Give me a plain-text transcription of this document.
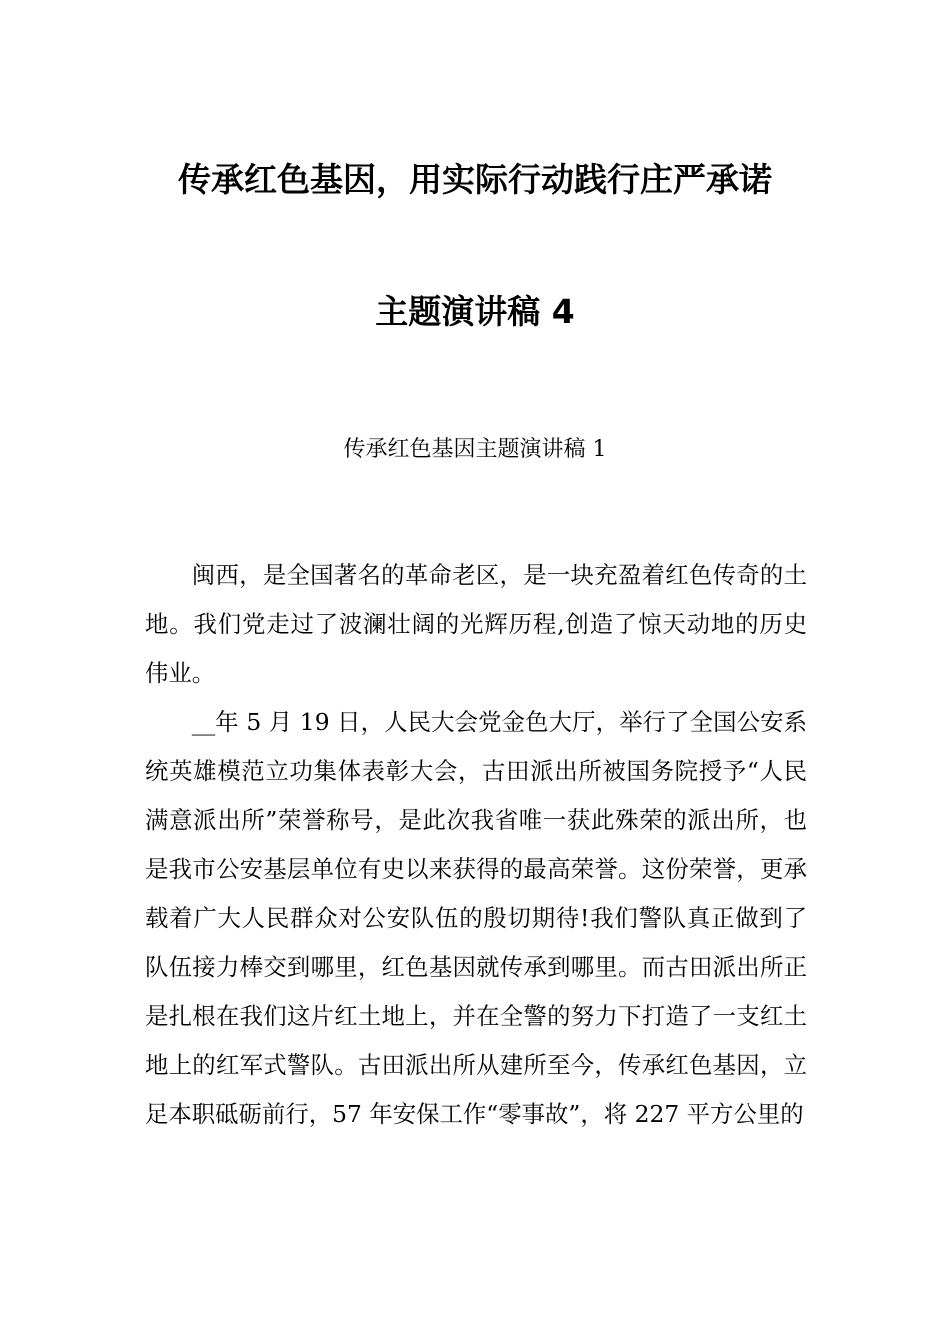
传承红色基因，用实际行动践行庄严承诺
主题演讲稿 4
传承红色基因主题演讲稿 1

闽西，是全国著名的革命老区，是一块充盈着红色传奇的土地。我们党走过了波澜壮阔的光辉历程,创造了惊天动地的历史伟业。

__年 5 月 19 日，人民大会党金色大厅，举行了全国公安系统英雄模范立功集体表彰大会，古田派出所被国务院授予“人民满意派出所”荣誉称号，是此次我省唯一获此殊荣的派出所，也是我市公安基层单位有史以来获得的最高荣誉。这份荣誉，更承载着广大人民群众对公安队伍的殷切期待!我们警队真正做到了队伍接力棒交到哪里，红色基因就传承到哪里。而古田派出所正是扎根在我们这片红土地上，并在全警的努力下打造了一支红土地上的红军式警队。古田派出所从建所至今，传承红色基因，立足本职砥砺前行，57 年安保工作“零事故”，将 227 平方公里的
